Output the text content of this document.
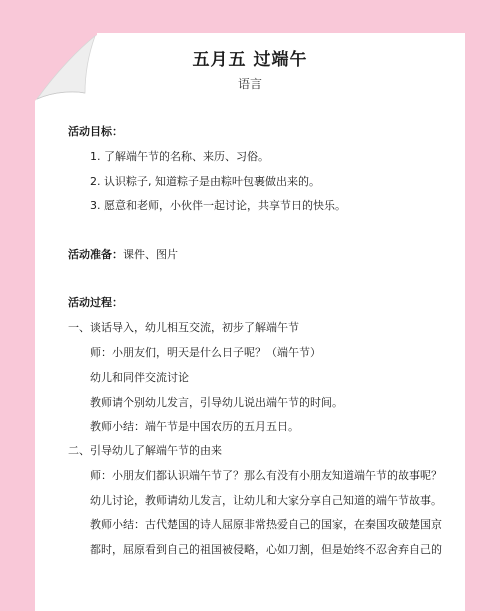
五月五 过端午
语言
活动目标：
1. 了解端午节的名称、来历、习俗。
2. 认识粽子, 知道粽子是由粽叶包裹做出来的。
3. 愿意和老师，小伙伴一起讨论，共享节日的快乐。
活动准备：课件、图片
活动过程：
一、谈话导入，幼儿相互交流，初步了解端午节
师：小朋友们，明天是什么日子呢？（端午节）
幼儿和同伴交流讨论
教师请个别幼儿发言，引导幼儿说出端午节的时间。
教师小结：端午节是中国农历的五月五日。
二、引导幼儿了解端午节的由来
师：小朋友们都认识端午节了？那么有没有小朋友知道端午节的故事呢？
幼儿讨论，教师请幼儿发言，让幼儿和大家分享自己知道的端午节故事。
教师小结：古代楚国的诗人屈原非常热爱自己的国家，在秦国攻破楚国京
都时，屈原看到自己的祖国被侵略，心如刀割，但是始终不忍舍弃自己的
